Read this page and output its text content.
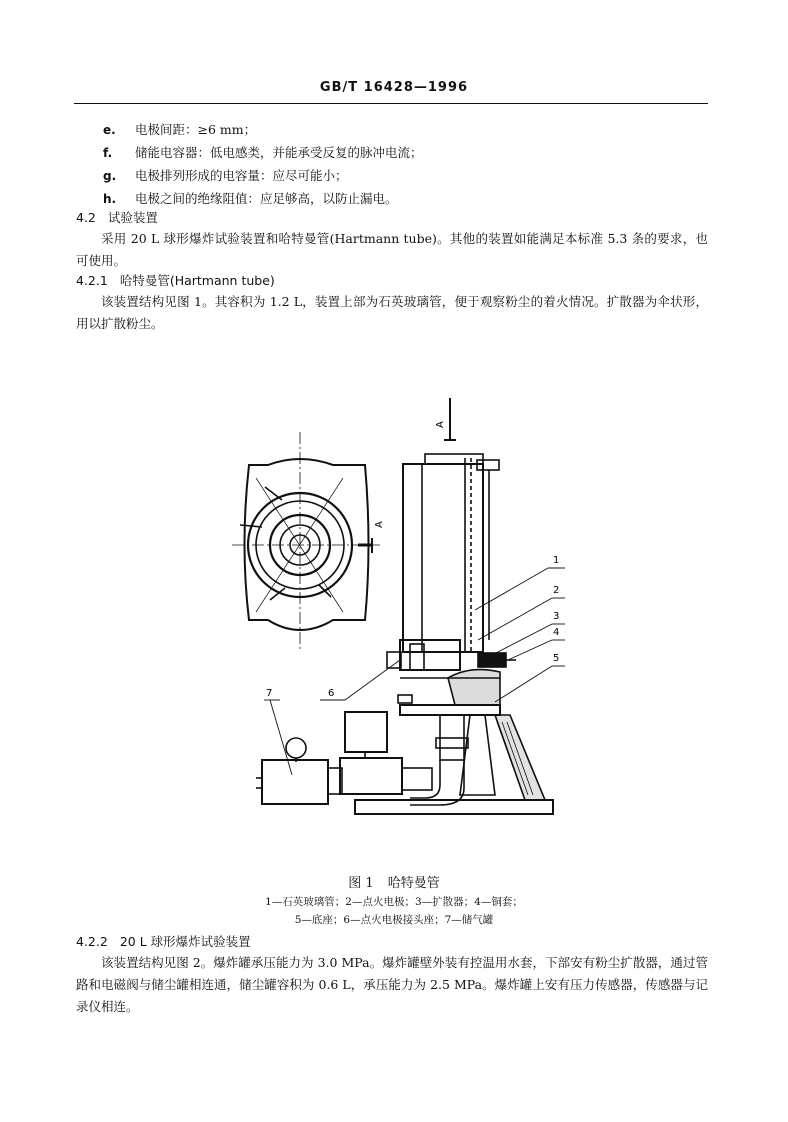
GB/T 16428—1996
e. 电极间距：≥6 mm；
f. 储能电容器：低电感类，并能承受反复的脉冲电流；
g. 电极排列形成的电容量：应尽可能小；
h. 电极之间的绝缘阻值：应足够高，以防止漏电。
4.2 试验装置
采用 20 L 球形爆炸试验装置和哈特曼管(Hartmann tube)。其他的装置如能满足本标准 5.3 条的要求，也可使用。
4.2.1 哈特曼管(Hartmann tube)
该装置结构见图 1。其容积为 1.2 L，装置上部为石英玻璃管，便于观察粉尘的着火情况。扩散器为伞状形，用以扩散粉尘。
A
A
1
2
3
4
5
6
7
图 1 哈特曼管
1—石英玻璃管；2—点火电极；3—扩散器；4—铜套；
5—底座；6—点火电极接头座；7—储气罐
4.2.2 20 L 球形爆炸试验装置
该装置结构见图 2。爆炸罐承压能力为 3.0 MPa。爆炸罐壁外装有控温用水套，下部安有粉尘扩散器，通过管路和电磁阀与储尘罐相连通，储尘罐容积为 0.6 L，承压能力为 2.5 MPa。爆炸罐上安有压力传感器，传感器与记录仪相连。
